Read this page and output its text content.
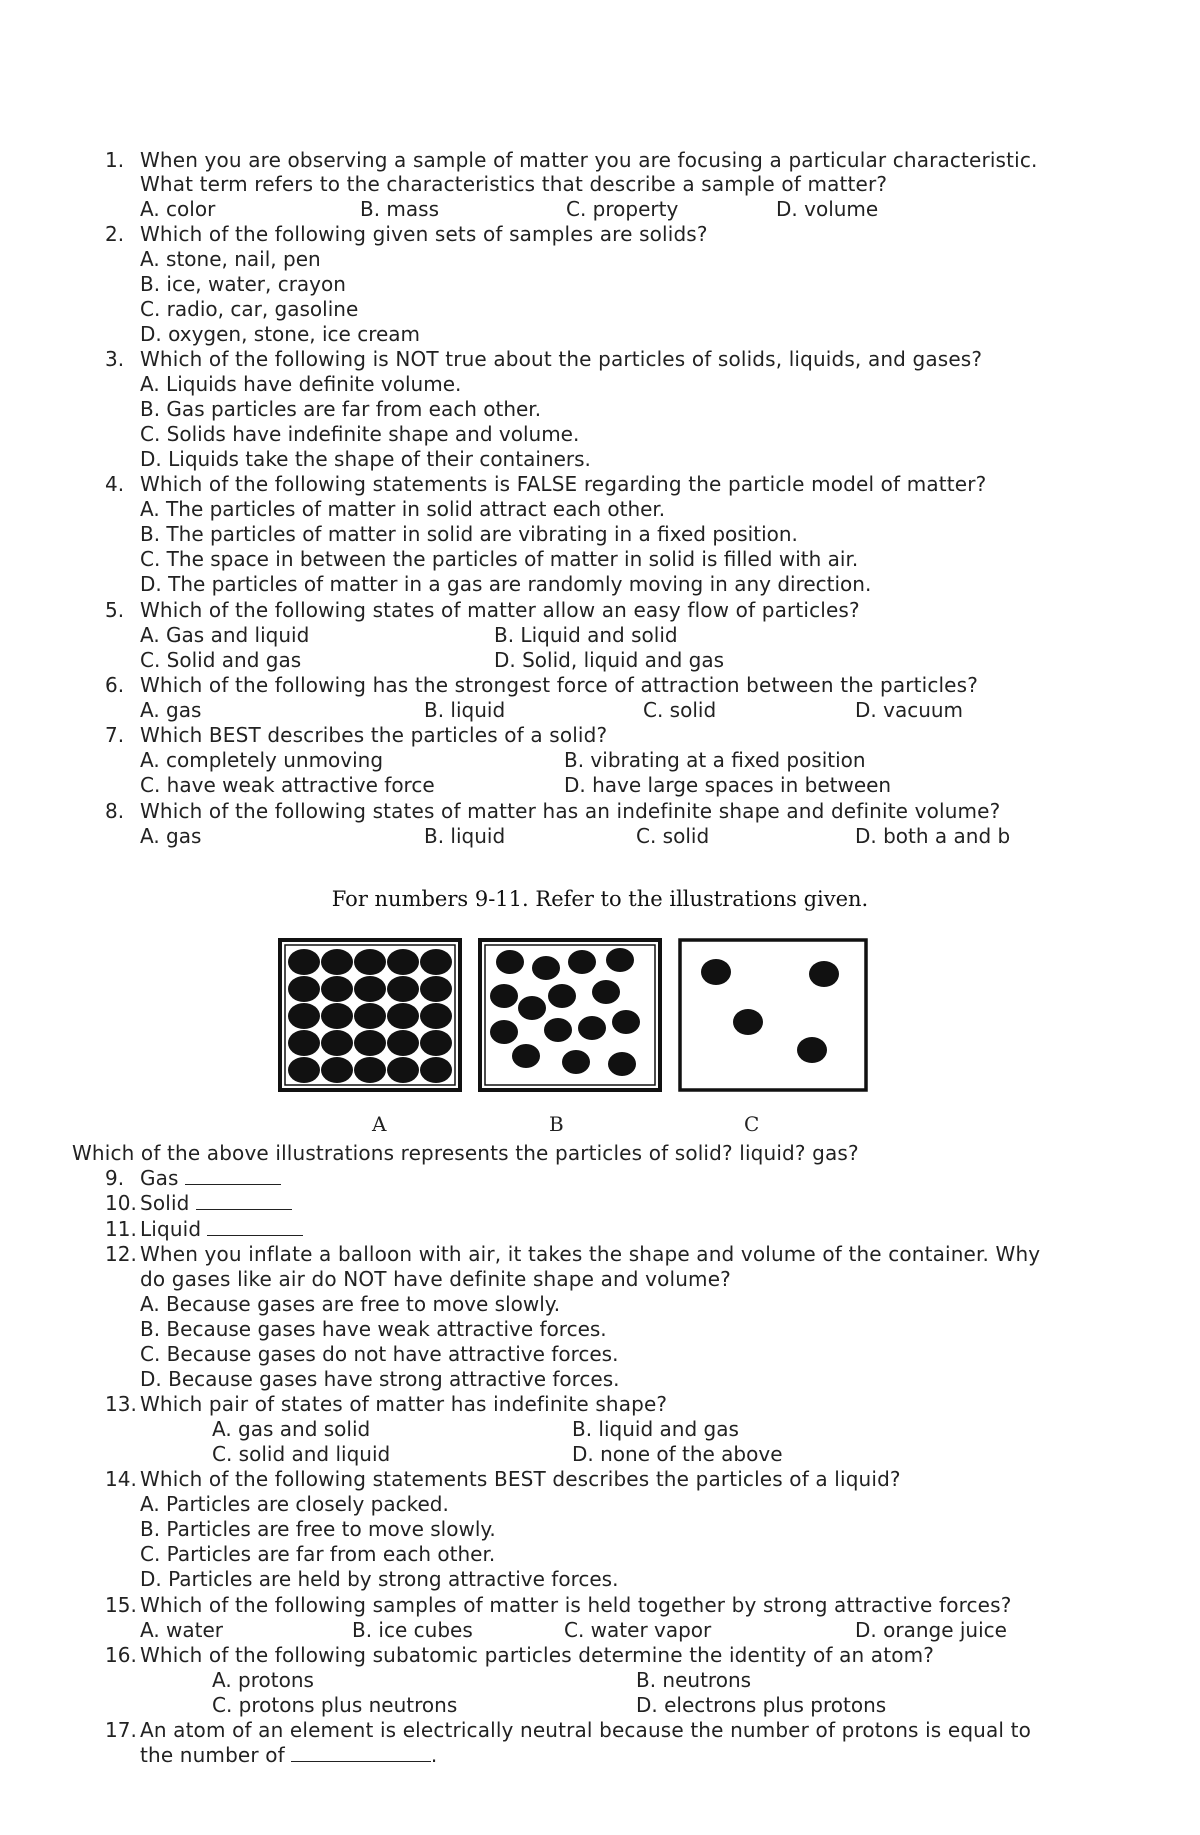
1. When you are observing a sample of matter you are focusing a particular characteristic.
What term refers to the characteristics that describe a sample of matter?
A. color	B. mass	C. property	D. volume
2. Which of the following given sets of samples are solids?
A. stone, nail, pen
B. ice, water, crayon
C. radio, car, gasoline
D. oxygen, stone, ice cream
3. Which of the following is NOT true about the particles of solids, liquids, and gases?
A. Liquids have definite volume.
B. Gas particles are far from each other.
C. Solids have indefinite shape and volume.
D. Liquids take the shape of their containers.
4. Which of the following statements is FALSE regarding the particle model of matter?
A. The particles of matter in solid attract each other.
B. The particles of matter in solid are vibrating in a fixed position.
C. The space in between the particles of matter in solid is filled with air.
D. The particles of matter in a gas are randomly moving in any direction.
5. Which of the following states of matter allow an easy flow of particles?
A. Gas and liquid	B. Liquid and solid
C. Solid and gas	D. Solid, liquid and gas
6. Which of the following has the strongest force of attraction between the particles?
A. gas	B. liquid	C. solid	D. vacuum
7. Which BEST describes the particles of a solid?
A. completely unmoving	B. vibrating at a fixed position
C. have weak attractive force	D. have large spaces in between
8. Which of the following states of matter has an indefinite shape and definite volume?
A. gas	B. liquid	C. solid	D. both a and b
For numbers 9-11. Refer to the illustrations given.
A	B	C
Which of the above illustrations represents the particles of solid? liquid? gas?
9. Gas
10. Solid
11. Liquid
12. When you inflate a balloon with air, it takes the shape and volume of the container. Why
do gases like air do NOT have definite shape and volume?
A. Because gases are free to move slowly.
B. Because gases have weak attractive forces.
C. Because gases do not have attractive forces.
D. Because gases have strong attractive forces.
13. Which pair of states of matter has indefinite shape?
A. gas and solid	B. liquid and gas
C. solid and liquid	D. none of the above
14. Which of the following statements BEST describes the particles of a liquid?
A. Particles are closely packed.
B. Particles are free to move slowly.
C. Particles are far from each other.
D. Particles are held by strong attractive forces.
15. Which of the following samples of matter is held together by strong attractive forces?
A. water	B. ice cubes	C. water vapor	D. orange juice
16. Which of the following subatomic particles determine the identity of an atom?
A. protons	B. neutrons
C. protons plus neutrons	D. electrons plus protons
17. An atom of an element is electrically neutral because the number of protons is equal to
the number of	.
